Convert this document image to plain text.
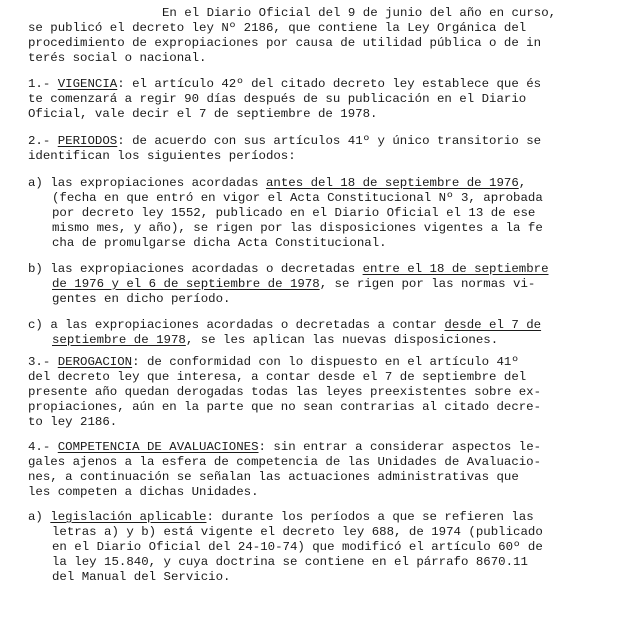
En el Diario Oficial del 9 de junio del año en curso,
se publicó el decreto ley Nº 2186, que contiene la Ley Orgánica del
procedimiento de expropiaciones por causa de utilidad pública o de in
terés social o nacional.
1.- VIGENCIA: el artículo 42º del citado decreto ley establece que és
te comenzará a regir 90 días después de su publicación en el Diario
Oficial, vale decir el 7 de septiembre de 1978.
2.- PERIODOS: de acuerdo con sus artículos 41º y único transitorio se
identifican los siguientes períodos:
a) las expropiaciones acordadas antes del 18 de septiembre de 1976,
(fecha en que entró en vigor el Acta Constitucional Nº 3, aprobada
por decreto ley 1552, publicado en el Diario Oficial el 13 de ese
mismo mes, y año), se rigen por las disposiciones vigentes a la fe
cha de promulgarse dicha Acta Constitucional.
b) las expropiaciones acordadas o decretadas entre el 18 de septiembre
de 1976 y el 6 de septiembre de 1978, se rigen por las normas vi-
gentes en dicho período.
c) a las expropiaciones acordadas o decretadas a contar desde el 7 de
septiembre de 1978, se les aplican las nuevas disposiciones.
3.- DEROGACION: de conformidad con lo dispuesto en el artículo 41º
del decreto ley que interesa, a contar desde el 7 de septiembre del
presente año quedan derogadas todas las leyes preexistentes sobre ex-
propiaciones, aún en la parte que no sean contrarias al citado decre-
to ley 2186.
4.- COMPETENCIA DE AVALUACIONES: sin entrar a considerar aspectos le-
gales ajenos a la esfera de competencia de las Unidades de Avaluacio-
nes, a continuación se señalan las actuaciones administrativas que
les competen a dichas Unidades.
a) legislación aplicable: durante los períodos a que se refieren las
letras a) y b) está vigente el decreto ley 688, de 1974 (publicado
en el Diario Oficial del 24-10-74) que modificó el artículo 60º de
la ley 15.840, y cuya doctrina se contiene en el párrafo 8670.11
del Manual del Servicio.
